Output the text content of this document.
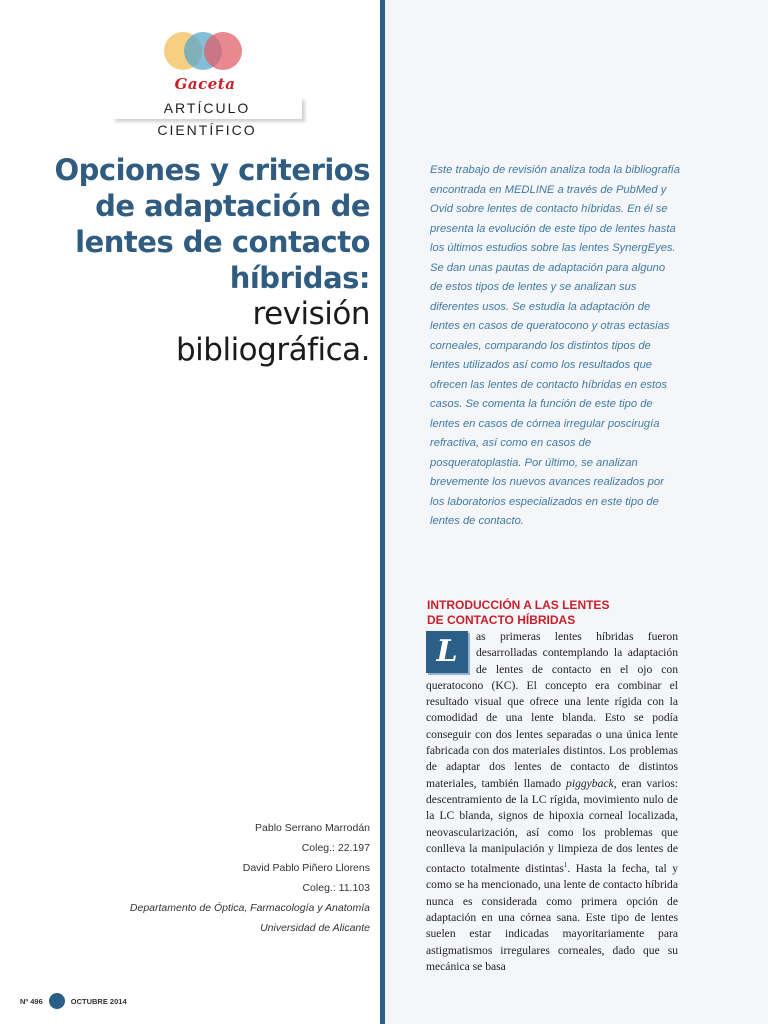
Gaceta
ARTÍCULO CIENTÍFICO
Opciones y criterios
de adaptación de
lentes de contacto
híbridas:
revisión
bibliográfica.
Pablo Serrano Marrodán
Coleg.: 22.197
David Pablo Piñero Llorens
Coleg.: 11.103
Departamento de Óptica, Farmacología y Anatomía
Universidad de Alicante
Nº 496	OCTUBRE 2014
Este trabajo de revisión analiza toda la bibliografía encontrada en MEDLINE a través de PubMed y Ovid sobre lentes de contacto híbridas. En él se presenta la evolución de este tipo de lentes hasta los últimos estudios sobre las lentes SynergEyes. Se dan unas pautas de adaptación para alguno de estos tipos de lentes y se analizan sus diferentes usos. Se estudia la adaptación de lentes en casos de queratocono y otras ectasias corneales, comparando los distintos tipos de lentes utilizados así como los resultados que ofrecen las lentes de contacto híbridas en estos casos. Se comenta la función de este tipo de lentes en casos de córnea irregular poscirugía refractiva, así como en casos de posqueratoplastia. Por último, se analizan brevemente los nuevos avances realizados por los laboratorios especializados en este tipo de lentes de contacto.
INTRODUCCIÓN A LAS LENTES
DE CONTACTO HÍBRIDAS
L	as primeras lentes híbridas fueron desarrolladas contemplando la adaptación de lentes de contacto en el ojo con queratocono (KC). El concepto era combinar el resultado visual que ofrece una lente rígida con la comodidad de una lente blanda. Esto se podía conseguir con dos lentes separadas o una única lente fabricada con dos materiales distintos. Los problemas de adaptar dos lentes de contacto de distintos materiales, también llamado piggyback, eran varios: descentramiento de la LC rígida, movimiento nulo de la LC blanda, signos de hipoxia corneal localizada, neovascularización, así como los problemas que conlleva la manipulación y limpieza de dos lentes de contacto totalmente distintas$^1$. Hasta la fecha, tal y como se ha mencionado, una lente de contacto híbrida nunca es considerada como primera opción de adaptación en una córnea sana. Este tipo de lentes suelen estar indicadas mayoritariamente para astigmatismos irregulares corneales, dado que su mecánica se basa
